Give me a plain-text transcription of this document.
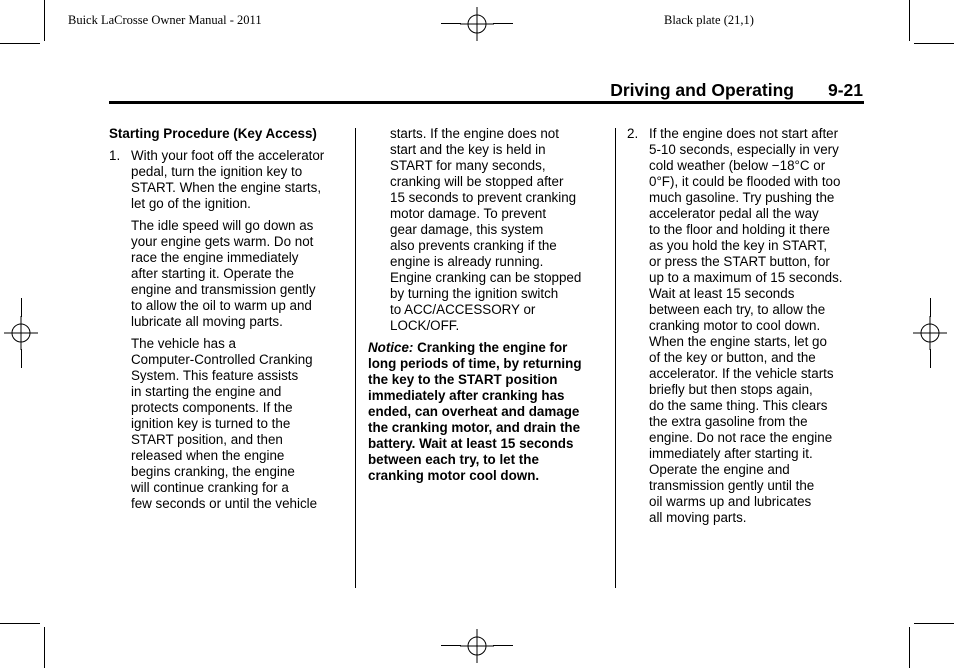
Buick LaCrosse Owner Manual - 2011	Black plate (21,1)
Driving and Operating 9-21

Starting Procedure (Key Access)

1. With your foot off the accelerator
pedal, turn the ignition key to
START. When the engine starts,
let go of the ignition.
The idle speed will go down as
your engine gets warm. Do not
race the engine immediately
after starting it. Operate the
engine and transmission gently
to allow the oil to warm up and
lubricate all moving parts.
The vehicle has a
Computer-Controlled Cranking
System. This feature assists
in starting the engine and
protects components. If the
ignition key is turned to the
START position, and then
released when the engine
begins cranking, the engine
will continue cranking for a
few seconds or until the vehicle
starts. If the engine does not
start and the key is held in
START for many seconds,
cranking will be stopped after
15 seconds to prevent cranking
motor damage. To prevent
gear damage, this system
also prevents cranking if the
engine is already running.
Engine cranking can be stopped
by turning the ignition switch
to ACC/ACCESSORY or
LOCK/OFF.
Notice: Cranking the engine for
long periods of time, by returning
the key to the START position
immediately after cranking has
ended, can overheat and damage
the cranking motor, and drain the
battery. Wait at least 15 seconds
between each try, to let the
cranking motor cool down.
2. If the engine does not start after
5-10 seconds, especially in very
cold weather (below −18°C or
0°F), it could be flooded with too
much gasoline. Try pushing the
accelerator pedal all the way
to the floor and holding it there
as you hold the key in START,
or press the START button, for
up to a maximum of 15 seconds.
Wait at least 15 seconds
between each try, to allow the
cranking motor to cool down.
When the engine starts, let go
of the key or button, and the
accelerator. If the vehicle starts
briefly but then stops again,
do the same thing. This clears
the extra gasoline from the
engine. Do not race the engine
immediately after starting it.
Operate the engine and
transmission gently until the
oil warms up and lubricates
all moving parts.
